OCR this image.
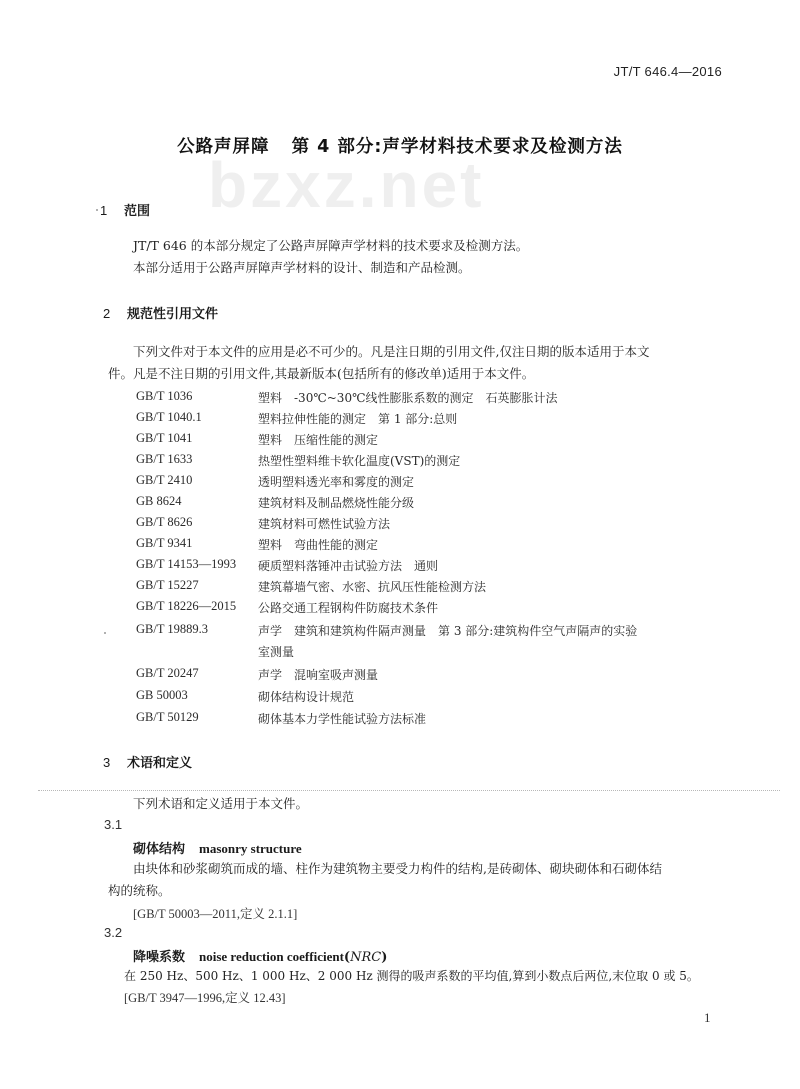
JT/T 646.4—2016
bzxz.net
公路声屏障 第 4 部分:声学材料技术要求及检测方法
1 范围
JT/T 646 的本部分规定了公路声屏障声学材料的技术要求及检测方法。
本部分适用于公路声屏障声学材料的设计、制造和产品检测。
2 规范性引用文件
下列文件对于本文件的应用是必不可少的。凡是注日期的引用文件,仅注日期的版本适用于本文
件。凡是不注日期的引用文件,其最新版本(包括所有的修改单)适用于本文件。
GB/T 1036	塑料　-30℃~30℃线性膨胀系数的测定　石英膨胀计法
GB/T 1040.1	塑料拉伸性能的测定　第 1 部分:总则
GB/T 1041	塑料　压缩性能的测定
GB/T 1633	热塑性塑料维卡软化温度(VST)的测定
GB/T 2410	透明塑料透光率和雾度的测定
GB 8624	建筑材料及制品燃烧性能分级
GB/T 8626	建筑材料可燃性试验方法
GB/T 9341	塑料　弯曲性能的测定
GB/T 14153—1993 硬质塑料落锤冲击试验方法　通则
GB/T 15227	建筑幕墙气密、水密、抗风压性能检测方法
GB/T 18226—2015 公路交通工程钢构件防腐技术条件
GB/T 19889.3	声学　建筑和建筑构件隔声测量　第 3 部分:建筑构件空气声隔声的实验
室测量
GB/T 20247	声学　混响室吸声测量
GB 50003	砌体结构设计规范
GB/T 50129	砌体基本力学性能试验方法标准
3 术语和定义
下列术语和定义适用于本文件。
3.1
砌体结构 masonry structure
由块体和砂浆砌筑而成的墙、柱作为建筑物主要受力构件的结构,是砖砌体、砌块砌体和石砌体结
构的统称。
[GB/T 50003—2011,定义 2.1.1]
3.2
降噪系数 noise reduction coefficient(NRC)
在 250 Hz、500 Hz、1 000 Hz、2 000 Hz 测得的吸声系数的平均值,算到小数点后两位,末位取 0 或 5。
[GB/T 3947—1996,定义 12.43]
1
